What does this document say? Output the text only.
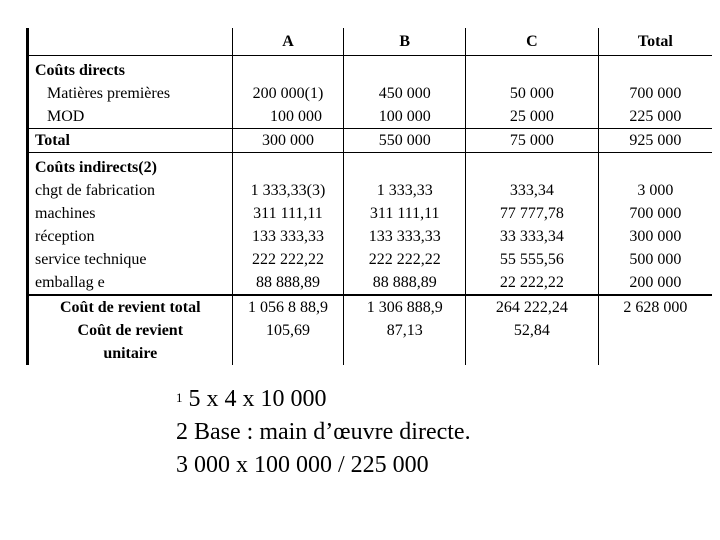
	A	B	C	Total
Coûts directs				
Matières premières	200 000(1)	450 000	50 000	700 000
MOD	100 000	100 000	25 000	225 000
Total	300 000	550 000	75 000	925 000
Coûts indirects(2)				
chgt de fabrication	1 333,33(3)	1 333,33	333,34	3 000
machines	311 111,11	311 111,11	77 777,78	700 000
réception	133 333,33	133 333,33	33 333,34	300 000
service technique	222 222,22	222 222,22	55 555,56	500 000
emballag e	88 888,89	88 888,89	22 222,22	200 000
Coût de revient total	1 056 8 88,9	1 306 888,9	264 222,24	2 628 000

Coût de revient
unitaire	105,69	87,13	52,84	
$^1$ 5 x 4 x 10 000
2 Base : main d’œuvre directe.
3 000 x 100 000 / 225 000
